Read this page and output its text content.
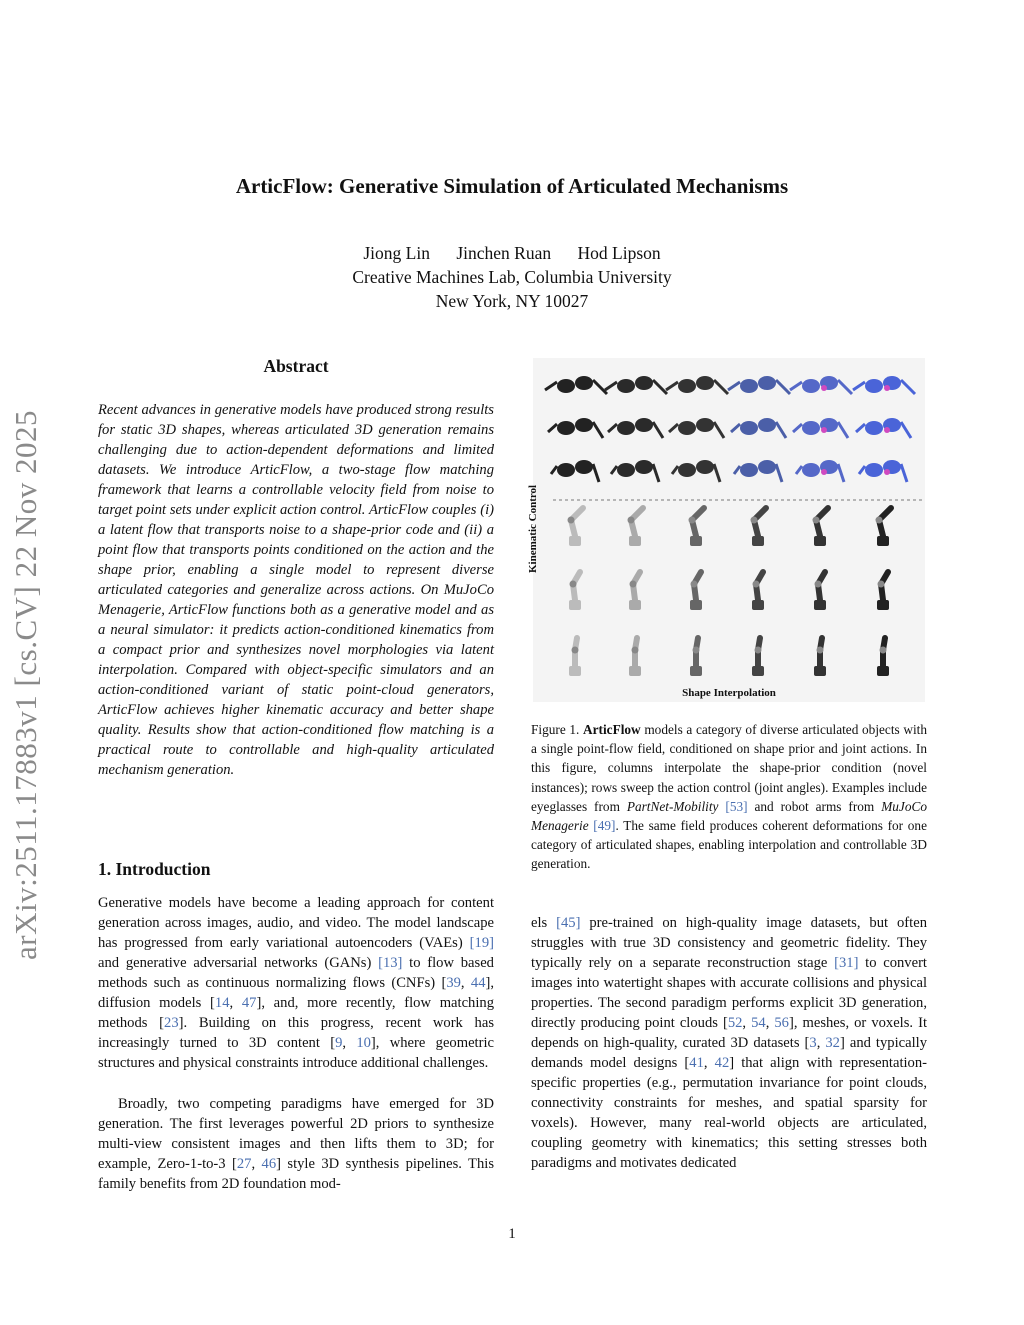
ArticFlow: Generative Simulation of Articulated Mechanisms
Jiong Lin Jinchen Ruan Hod Lipson
Creative Machines Lab, Columbia University
New York, NY 10027
arXiv:2511.17883v1 [cs.CV] 22 Nov 2025
Abstract
Recent advances in generative models have produced strong results for static 3D shapes, whereas articulated 3D generation remains challenging due to action-dependent deformations and limited datasets. We introduce ArticFlow, a two-stage flow matching framework that learns a controllable velocity field from noise to target point sets under explicit action control. ArticFlow couples (i) a latent flow that transports noise to a shape-prior code and (ii) a point flow that transports points conditioned on the action and the shape prior, enabling a single model to represent diverse articulated categories and generalize across actions. On MuJoCo Menagerie, ArticFlow functions both as a generative model and as a neural simulator: it predicts action-conditioned kinematics from a compact prior and synthesizes novel morphologies via latent interpolation. Compared with object-specific simulators and an action-conditioned variant of static point-cloud generators, ArticFlow achieves higher kinematic accuracy and better shape quality. Results show that action-conditioned flow matching is a practical route to controllable and high-quality articulated mechanism generation.
1. Introduction
Generative models have become a leading approach for content generation across images, audio, and video. The model landscape has progressed from early variational autoencoders (VAEs) [19] and generative adversarial networks (GANs) [13] to flow based methods such as continuous normalizing flows (CNFs) [39, 44], diffusion models [14, 47], and, more recently, flow matching methods [23]. Building on this progress, recent work has increasingly turned to 3D content [9, 10], where geometric structures and physical constraints introduce additional challenges.
Broadly, two competing paradigms have emerged for 3D generation. The first leverages powerful 2D priors to synthesize multi-view consistent images and then lifts them to 3D; for example, Zero-1-to-3 [27, 46] style 3D synthesis pipelines. This family benefits from 2D foundation mod-
Kinematic Control
Shape Interpolation
Figure 1. ArticFlow models a category of diverse articulated objects with a single point-flow field, conditioned on shape prior and joint actions. In this figure, columns interpolate the shape-prior condition (novel instances); rows sweep the action control (joint angles). Examples include eyeglasses from PartNet-Mobility [53] and robot arms from MuJoCo Menagerie [49]. The same field produces coherent deformations for one category of articulated shapes, enabling interpolation and controllable 3D generation.
els [45] pre-trained on high-quality image datasets, but often struggles with true 3D consistency and geometric fidelity. They typically rely on a separate reconstruction stage [31] to convert images into watertight shapes with accurate collisions and physical properties. The second paradigm performs explicit 3D generation, directly producing point clouds [52, 54, 56], meshes, or voxels. It depends on high-quality, curated 3D datasets [3, 32] and typically demands model designs [41, 42] that align with representation-specific properties (e.g., permutation invariance for point clouds, connectivity constraints for meshes, and spatial sparsity for voxels). However, many real-world objects are articulated, coupling geometry with kinematics; this setting stresses both paradigms and motivates dedicated
1
